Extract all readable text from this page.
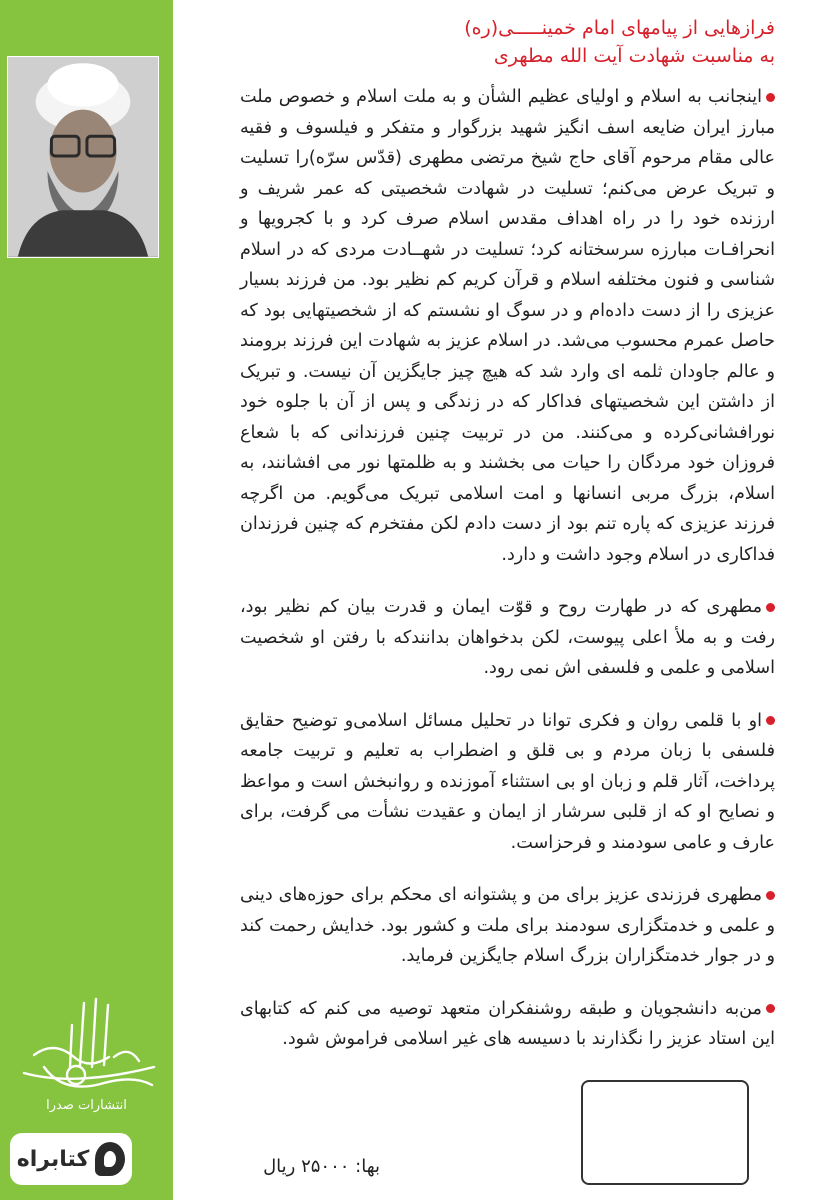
انتشارات صدرا
کتابراه
فرازهایی از پیامهای امام خمینـــــی(ره)
به مناسبت شهادت آیت الله مطهری

اینجانب به اسلام و اولیای عظیم الشأن و به ملت اسلام و خصوص ملت مبارز ایران ضایعه اسف انگیز شهید بزرگوار و متفکر و فیلسوف و فقیه عالی مقام مرحوم آقای حاج شیخ مرتضی مطهری (قدّس سرّه)را تسلیت و تبریک عرض می‌کنم؛ تسلیت در شهادت شخصیتی که عمر شریف و ارزنده خود را در راه اهداف مقدس اسلام صرف کرد و با کجرویها و انحرافـات مبارزه سرسختانه کرد؛ تسلیت در شهــادت مردی که در اسلام شناسی و فنون مختلفه اسلام و قرآن کریم کم نظیر بود. من فرزند بسیار عزیزی را از دست داده‌ام و در سوگ او نشستم که از شخصیتهایی بود که حاصل عمرم محسوب می‌شد. در اسلام عزیز به شهادت این فرزند برومند و عالم جاودان ثلمه ای وارد شد که هیچ چیز جایگزین آن نیست. و تبریک از داشتن این شخصیتهای فداکار که در زندگی و پس از آن با جلوه خود نورافشانی‌کرده و می‌کنند. من در تربیت چنین فرزندانی که با شعاع فروزان خود مردگان را حیات می بخشند و به ظلمتها نور می افشانند، به اسلام، بزرگ مربی انسانها و امت اسلامی تبریک می‌گویم. من اگرچه فرزند عزیزی که پاره تنم بود از دست دادم لکن مفتخرم که چنین فرزندان فداکاری در اسلام وجود داشت و دارد.

مطهری که در طهارت روح و قوّت ایمان و قدرت بیان کم نظیر بود، رفت و به ملأ اعلی پیوست، لکن بدخواهان بدانندکه با رفتن او شخصیت اسلامی و علمی و فلسفی اش نمی رود.

او با قلمی روان و فکری توانا در تحلیل مسائل اسلامی‌و توضیح حقایق فلسفی با زبان مردم و بی قلق و اضطراب به تعلیم و تربیت جامعه پرداخت، آثار قلم و زبان او بی استثناء آموزنده و روانبخش است و مواعظ و نصایح او که از قلبی سرشار از ایمان و عقیدت نشأت می گرفت، برای عارف و عامی سودمند و فرحزاست.

مطهری فرزندی عزیز برای من و پشتوانه ای محکم برای حوزه‌های دینی و علمی و خدمتگزاری سودمند برای ملت و کشور بود. خدایش رحمت کند و در جوار خدمتگزاران بزرگ اسلام جایگزین فرماید.

من‌به دانشجویان و طبقه روشنفکران متعهد توصیه می کنم که کتابهای این استاد عزیز را نگذارند با دسیسه های غیر اسلامی فراموش شود.

بها: ۲۵۰۰۰ ریال
